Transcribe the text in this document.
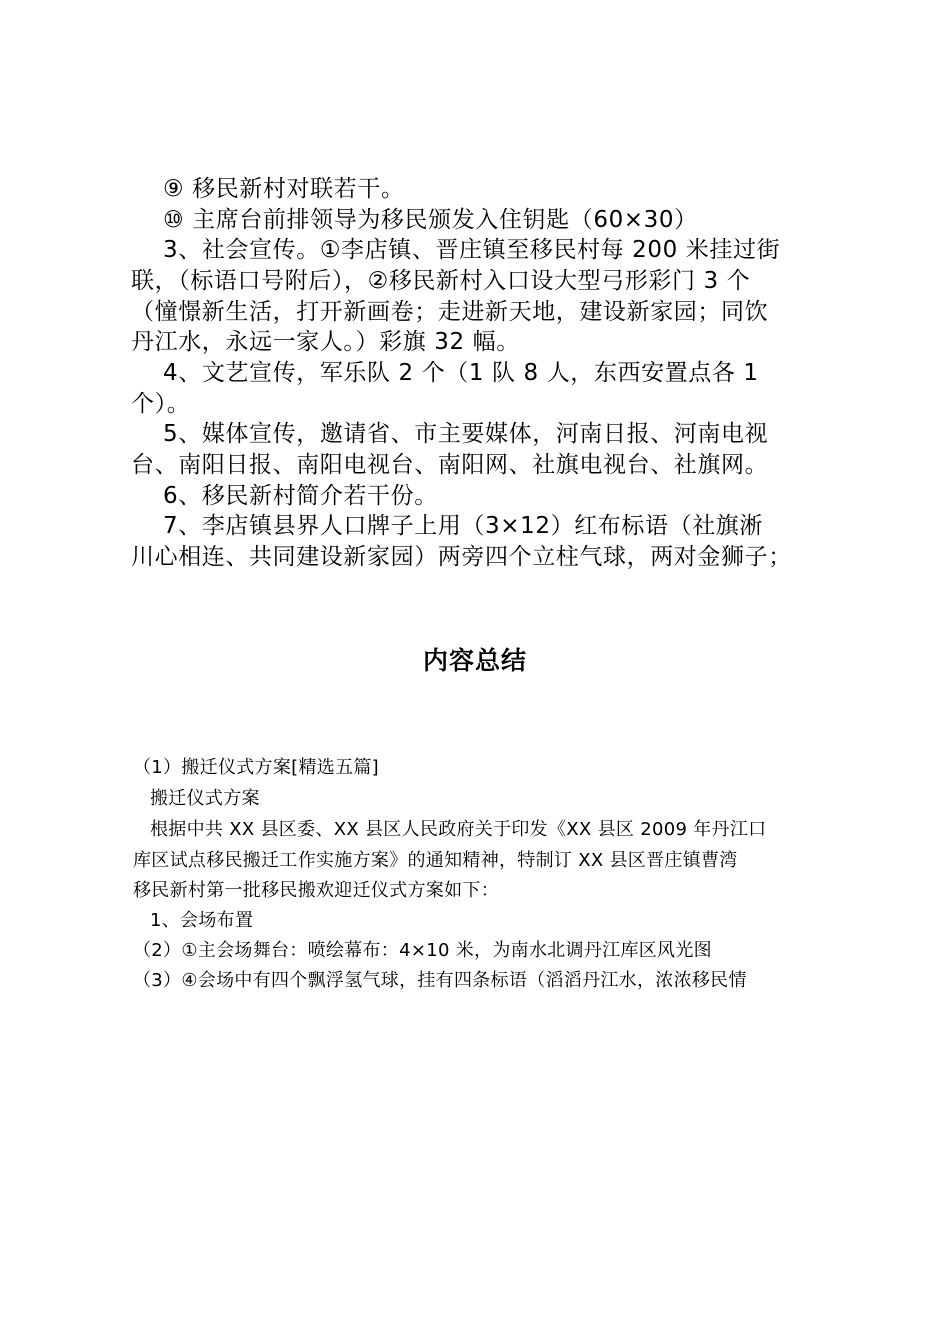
⑨ 移民新村对联若干。

⑩ 主席台前排领导为移民颁发入住钥匙（60×30）

3、社会宣传。①李店镇、晋庄镇至移民村每 200 米挂过街

联，（标语口号附后），②移民新村入口设大型弓形彩门 3 个

（憧憬新生活，打开新画卷；走进新天地，建设新家园；同饮

丹江水，永远一家人。）彩旗 32 幅。

4、文艺宣传，军乐队 2 个（1 队 8 人，东西安置点各 1

个）。

5、媒体宣传，邀请省、市主要媒体，河南日报、河南电视

台、南阳日报、南阳电视台、南阳网、社旗电视台、社旗网。

6、移民新村简介若干份。

7、李店镇县界人口牌子上用（3×12）红布标语（社旗淅

川心相连、共同建设新家园）两旁四个立柱气球，两对金狮子；

内容总结

（1）搬迁仪式方案[精选五篇]

搬迁仪式方案

根据中共 XX 县区委、XX 县区人民政府关于印发《XX 县区 2009 年丹江口

库区试点移民搬迁工作实施方案》的通知精神，特制订 XX 县区晋庄镇曹湾

移民新村第一批移民搬欢迎迁仪式方案如下：

1、会场布置

（2）①主会场舞台：喷绘幕布：4×10 米，为南水北调丹江库区风光图

（3）④会场中有四个飘浮氢气球，挂有四条标语（滔滔丹江水，浓浓移民情
